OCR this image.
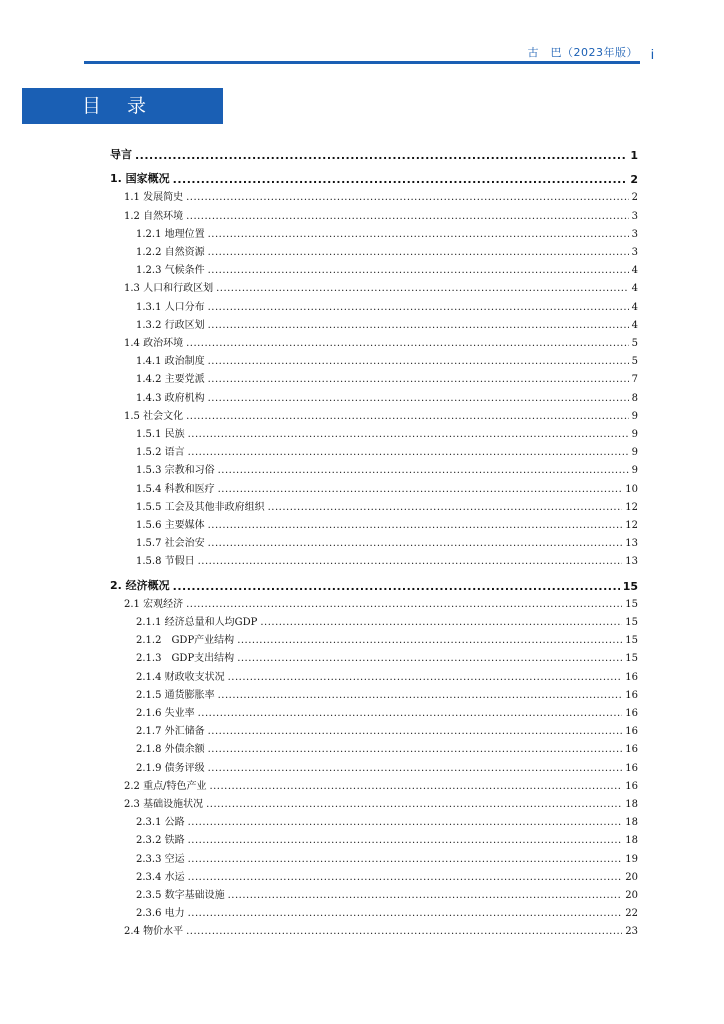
古　巴（2023年版） i
目 录
导言 .....	1
1. 国家概况 .....	2
1.1 发展简史 .....	2
1.2 自然环境 .....	3
1.2.1 地理位置 .....	3
1.2.2 自然资源 .....	3
1.2.3 气候条件 .....	4
1.3 人口和行政区划 .....	4
1.3.1 人口分布 .....	4
1.3.2 行政区划 .....	4
1.4 政治环境 .....	5
1.4.1 政治制度 .....	5
1.4.2 主要党派 .....	7
1.4.3 政府机构 .....	8
1.5 社会文化 .....	9
1.5.1 民族 .....	9
1.5.2 语言 .....	9
1.5.3 宗教和习俗 .....	9
1.5.4 科教和医疗 .....	10
1.5.5 工会及其他非政府组织 .....	12
1.5.6 主要媒体 .....	12
1.5.7 社会治安 .....	13
1.5.8 节假日 .....	13
2. 经济概况 .....	15
2.1 宏观经济 .....	15
2.1.1 经济总量和人均GDP .....	15
2.1.2　GDP产业结构 .....	15
2.1.3　GDP支出结构 .....	15
2.1.4 财政收支状况 .....	16
2.1.5 通货膨胀率 .....	16
2.1.6 失业率 .....	16
2.1.7 外汇储备 .....	16
2.1.8 外债余额 .....	16
2.1.9 债务评级 .....	16
2.2 重点/特色产业 .....	16
2.3 基础设施状况 .....	18
2.3.1 公路 .....	18
2.3.2 铁路 .....	18
2.3.3 空运 .....	19
2.3.4 水运 .....	20
2.3.5 数字基础设施 .....	20
2.3.6 电力 .....	22
2.4 物价水平 .....	23
